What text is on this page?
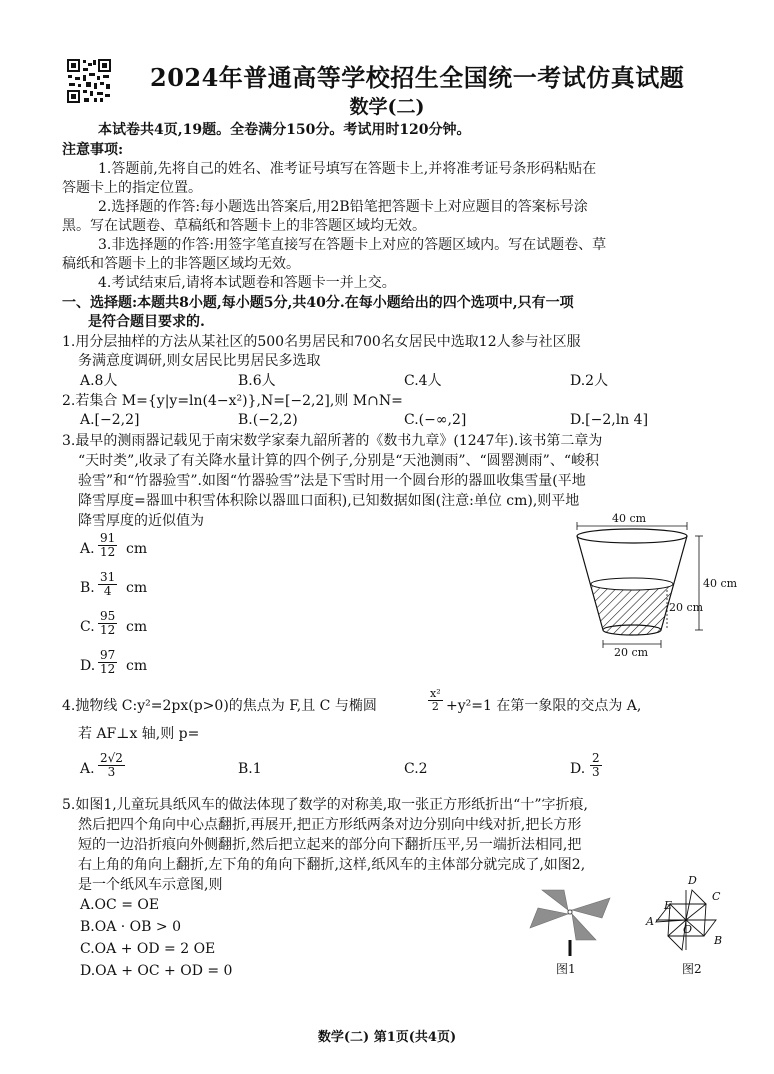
2024年普通高等学校招生全国统一考试仿真试题
数学(二)
本试卷共4页,19题。全卷满分150分。考试用时120分钟。
注意事项:
1.答题前,先将自己的姓名、准考证号填写在答题卡上,并将准考证号条形码粘贴在
答题卡上的指定位置。
2.选择题的作答:每小题选出答案后,用2B铅笔把答题卡上对应题目的答案标号涂
黑。写在试题卷、草稿纸和答题卡上的非答题区域均无效。
3.非选择题的作答:用签字笔直接写在答题卡上对应的答题区域内。写在试题卷、草
稿纸和答题卡上的非答题区域均无效。
4.考试结束后,请将本试题卷和答题卡一并上交。
一、选择题:本题共8小题,每小题5分,共40分.在每小题给出的四个选项中,只有一项
是符合题目要求的.
1.用分层抽样的方法从某社区的500名男居民和700名女居民中选取12人参与社区服
务满意度调研,则女居民比男居民多选取
A.8人	B.6人	C.4人	D.2人
2.若集合 M={y|y=ln(4−x²)},N=[−2,2],则 M∩N=
A.[−2,2]	B.(−2,2)	C.(−∞,2]	D.[−2,ln 4]
3.最早的测雨器记载见于南宋数学家秦九韶所著的《数书九章》(1247年).该书第二章为
“天时类”,收录了有关降水量计算的四个例子,分别是“天池测雨”、“圆罂测雨”、“峻积
验雪”和“竹器验雪”.如图“竹器验雪”法是下雪时用一个圆台形的器皿收集雪量(平地
降雪厚度=器皿中积雪体积除以器皿口面积),已知数据如图(注意:单位 cm),则平地
降雪厚度的近似值为
A. $\frac{91}{12}$ cm
B. $\frac{31}{4}$ cm
C. $\frac{95}{12}$ cm
D. $\frac{97}{12}$ cm
40 cm
40 cm
20 cm
20 cm
4.抛物线 C:y²=2px(p>0)的焦点为 F,且 C 与椭圆	$\frac{\text{x²}}{2} +y^2=1$ 在第一象限的交点为 A,
若 AF⊥x 轴,则 p=
A. $\frac{2√2}{3}$	B.1	C.2	D. $\frac{2}{3}$
5.如图1,儿童玩具纸风车的做法体现了数学的对称美,取一张正方形纸折出“十”字折痕,
然后把四个角向中心点翻折,再展开,把正方形纸两条对边分别向中线对折,把长方形
短的一边沿折痕向外侧翻折,然后把立起来的部分向下翻折压平,另一端折法相同,把
右上角的角向上翻折,左下角的角向下翻折,这样,纸风车的主体部分就完成了,如图2,
是一个纸风车示意图,则
A.OC = OE
B.OA · OB > 0
C.OA + OD = 2 OE
D.OA + OC + OD = 0	图1
D
C
E
A
O
B
图2
数学(二) 第1页(共4页)
